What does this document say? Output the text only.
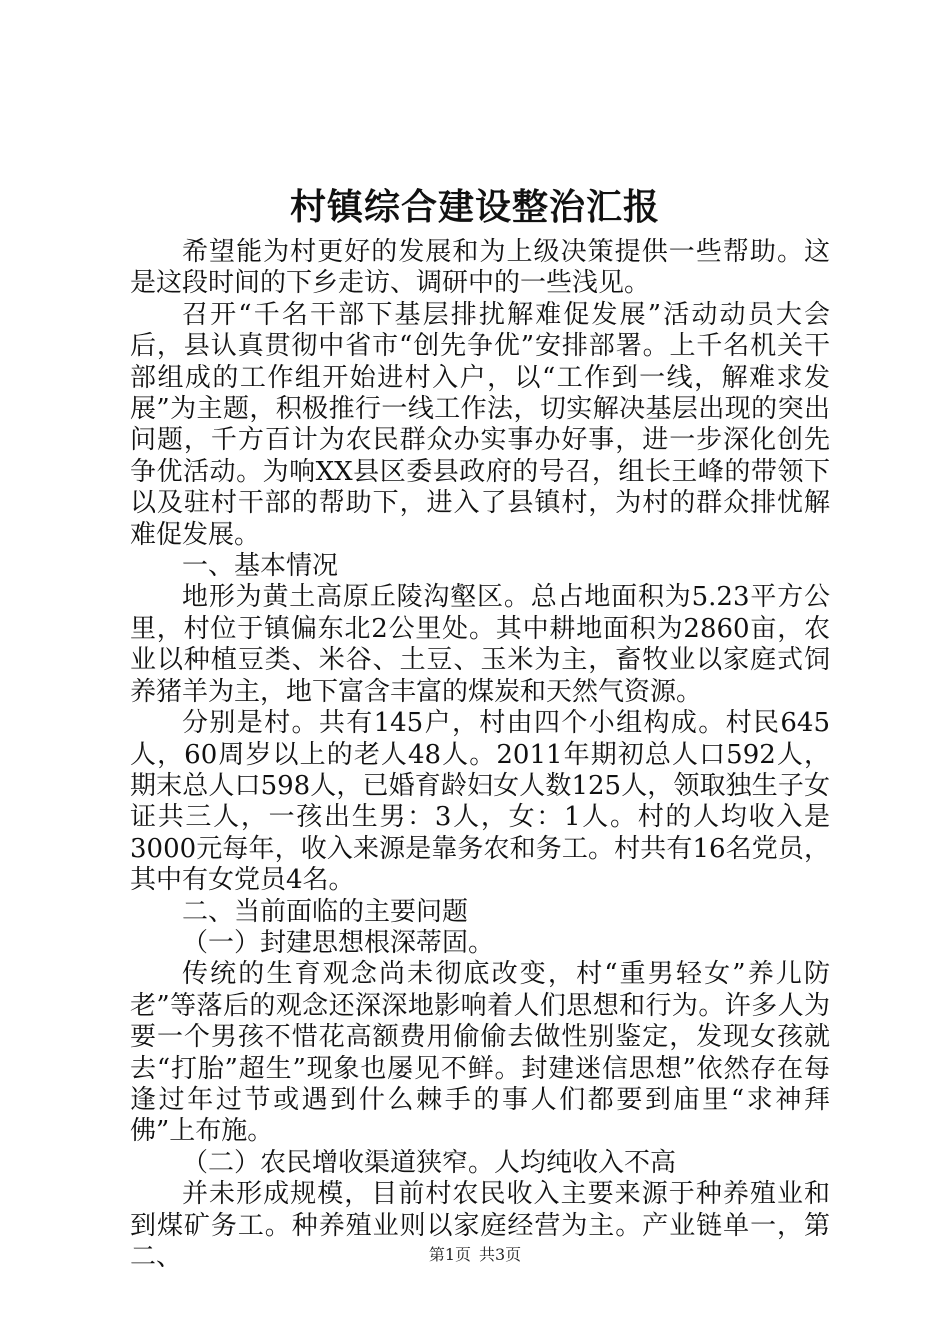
村镇综合建设整治汇报

希望能为村更好的发展和为上级决策提供一些帮助。这是这段时间的下乡走访、调研中的一些浅见。

召开“千名干部下基层排扰解难促发展”活动动员大会后，县认真贯彻中省市“创先争优”安排部署。上千名机关干部组成的工作组开始进村入户，以“工作到一线，解难求发展”为主题，积极推行一线工作法，切实解决基层出现的突出问题，千方百计为农民群众办实事办好事，进一步深化创先争优活动。为响XX县区委县政府的号召，组长王峰的带领下以及驻村干部的帮助下，进入了县镇村，为村的群众排忧解难促发展。

一、基本情况

地形为黄土高原丘陵沟壑区。总占地面积为5.23平方公里，村位于镇偏东北2公里处。其中耕地面积为2860亩，农业以种植豆类、米谷、土豆、玉米为主，畜牧业以家庭式饲养猪羊为主，地下富含丰富的煤炭和天然气资源。

分别是村。共有145户，村由四个小组构成。村民645人，60周岁以上的老人48人。2011年期初总人口592人，期末总人口598人，已婚育龄妇女人数125人，领取独生子女证共三人，一孩出生男：3人，女：1人。村的人均收入是3000元每年，收入来源是靠务农和务工。村共有16名党员，其中有女党员4名。

二、当前面临的主要问题

（一）封建思想根深蒂固。

传统的生育观念尚未彻底改变，村“重男轻女”养儿防老”等落后的观念还深深地影响着人们思想和行为。许多人为要一个男孩不惜花高额费用偷偷去做性别鉴定，发现女孩就去“打胎”超生”现象也屡见不鲜。封建迷信思想”依然存在每逢过年过节或遇到什么棘手的事人们都要到庙里“求神拜佛”上布施。

（二）农民增收渠道狭窄。人均纯收入不高

并未形成规模，目前村农民收入主要来源于种养殖业和到煤矿务工。种养殖业则以家庭经营为主。产业链单一，第二、	第1页 共3页
